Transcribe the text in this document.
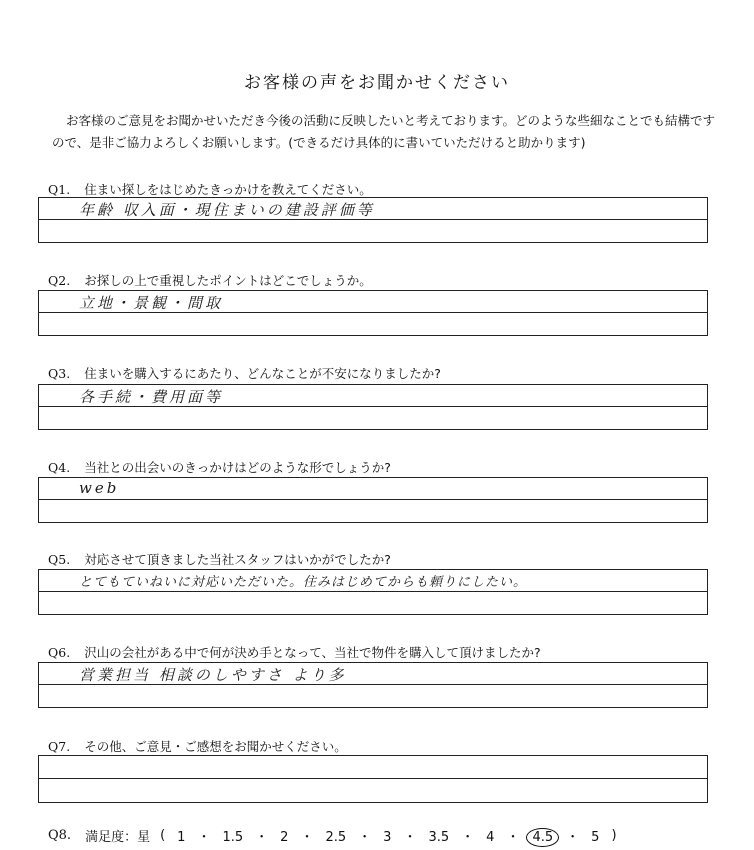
お客様の声をお聞かせください
お客様のご意見をお聞かせいただき今後の活動に反映したいと考えております。どのような些細なことでも結構ですので、是非ご協力よろしくお願いします。(できるだけ具体的に書いていただけると助かります)
Q1. 住まい探しをはじめたきっかけを教えてください。
年齢 収入面・現住まいの建設評価等
Q2. お探しの上で重視したポイントはどこでしょうか。
立地・景観・間取
Q3. 住まいを購入するにあたり、どんなことが不安になりましたか?
各手続・費用面等
Q4. 当社との出会いのきっかけはどのような形でしょうか?
web
Q5. 対応させて頂きました当社スタッフはいかがでしたか?
とてもていねいに対応いただいた。住みはじめてからも頼りにしたい。
Q6. 沢山の会社がある中で何が決め手となって、当社で物件を購入して頂けましたか?
営業担当 相談のしやすさ より多
Q7. その他、ご意見・ご感想をお聞かせください。
Q8. 満足度：星 ( 1 ・ 1.5 ・ 2 ・ 2.5 ・ 3 ・ 3.5 ・ 4 ・ 4.5 ・ 5 )
